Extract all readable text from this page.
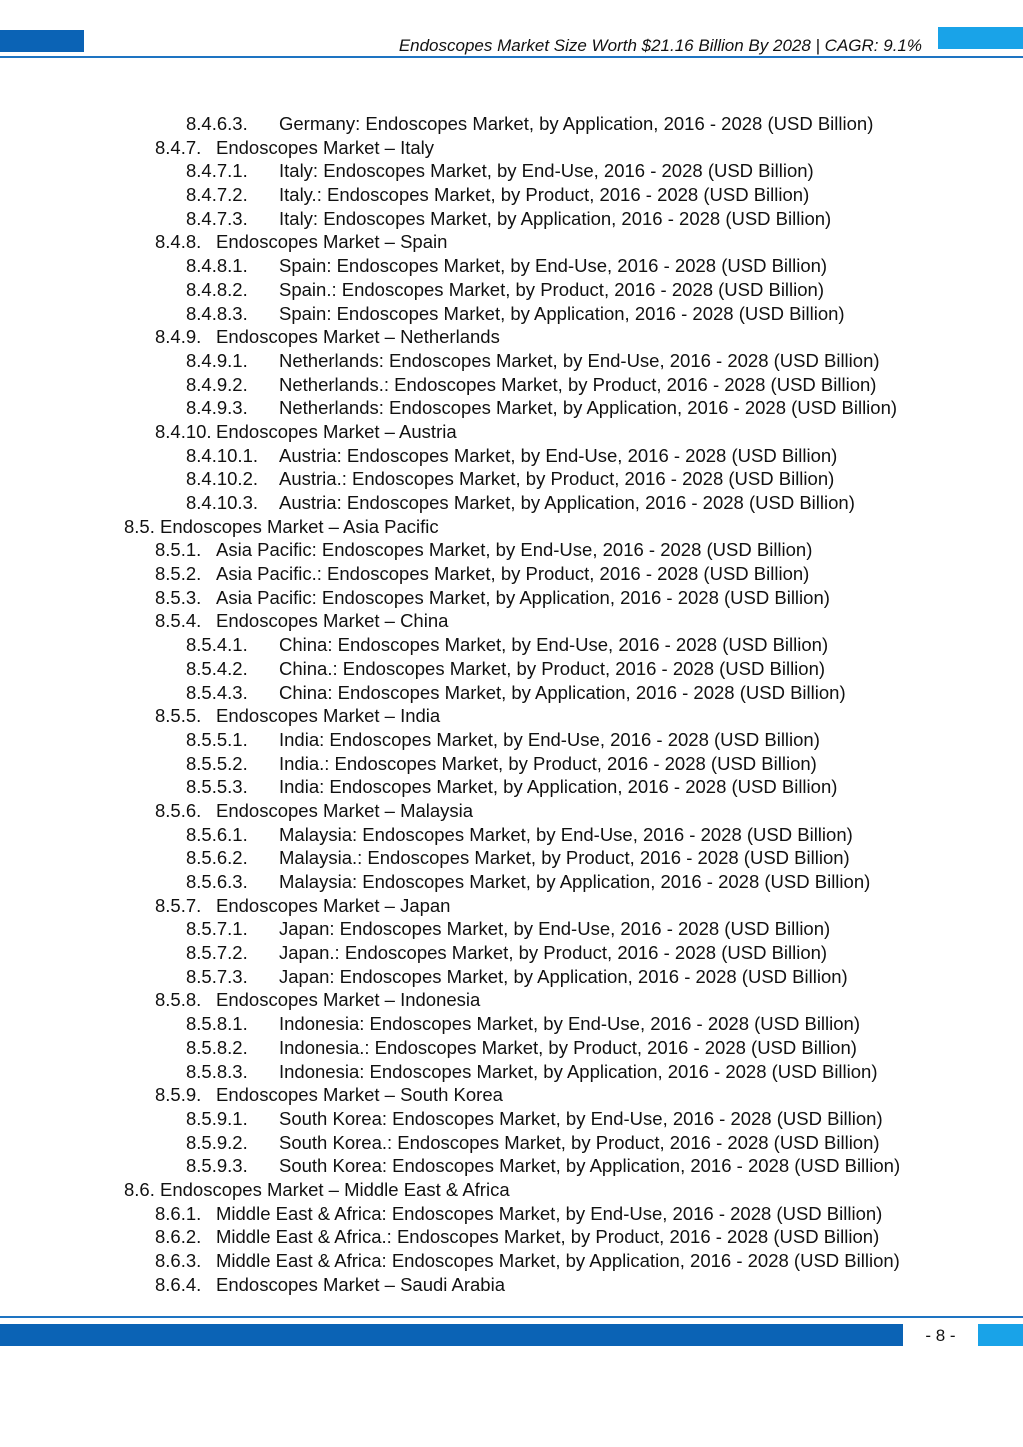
Endoscopes Market Size Worth $21.16 Billion By 2028 | CAGR: 9.1%
8.4.6.3. Germany: Endoscopes Market, by Application, 2016 - 2028 (USD Billion)
8.4.7. Endoscopes Market – Italy
8.4.7.1. Italy: Endoscopes Market, by End-Use, 2016 - 2028 (USD Billion)
8.4.7.2. Italy.: Endoscopes Market, by Product, 2016 - 2028 (USD Billion)
8.4.7.3. Italy: Endoscopes Market, by Application, 2016 - 2028 (USD Billion)
8.4.8. Endoscopes Market – Spain
8.4.8.1. Spain: Endoscopes Market, by End-Use, 2016 - 2028 (USD Billion)
8.4.8.2. Spain.: Endoscopes Market, by Product, 2016 - 2028 (USD Billion)
8.4.8.3. Spain: Endoscopes Market, by Application, 2016 - 2028 (USD Billion)
8.4.9. Endoscopes Market – Netherlands
8.4.9.1. Netherlands: Endoscopes Market, by End-Use, 2016 - 2028 (USD Billion)
8.4.9.2. Netherlands.: Endoscopes Market, by Product, 2016 - 2028 (USD Billion)
8.4.9.3. Netherlands: Endoscopes Market, by Application, 2016 - 2028 (USD Billion)
8.4.10. Endoscopes Market – Austria
8.4.10.1. Austria: Endoscopes Market, by End-Use, 2016 - 2028 (USD Billion)
8.4.10.2. Austria.: Endoscopes Market, by Product, 2016 - 2028 (USD Billion)
8.4.10.3. Austria: Endoscopes Market, by Application, 2016 - 2028 (USD Billion)
8.5. Endoscopes Market – Asia Pacific
8.5.1. Asia Pacific: Endoscopes Market, by End-Use, 2016 - 2028 (USD Billion)
8.5.2. Asia Pacific.: Endoscopes Market, by Product, 2016 - 2028 (USD Billion)
8.5.3. Asia Pacific: Endoscopes Market, by Application, 2016 - 2028 (USD Billion)
8.5.4. Endoscopes Market – China
8.5.4.1. China: Endoscopes Market, by End-Use, 2016 - 2028 (USD Billion)
8.5.4.2. China.: Endoscopes Market, by Product, 2016 - 2028 (USD Billion)
8.5.4.3. China: Endoscopes Market, by Application, 2016 - 2028 (USD Billion)
8.5.5. Endoscopes Market – India
8.5.5.1. India: Endoscopes Market, by End-Use, 2016 - 2028 (USD Billion)
8.5.5.2. India.: Endoscopes Market, by Product, 2016 - 2028 (USD Billion)
8.5.5.3. India: Endoscopes Market, by Application, 2016 - 2028 (USD Billion)
8.5.6. Endoscopes Market – Malaysia
8.5.6.1. Malaysia: Endoscopes Market, by End-Use, 2016 - 2028 (USD Billion)
8.5.6.2. Malaysia.: Endoscopes Market, by Product, 2016 - 2028 (USD Billion)
8.5.6.3. Malaysia: Endoscopes Market, by Application, 2016 - 2028 (USD Billion)
8.5.7. Endoscopes Market – Japan
8.5.7.1. Japan: Endoscopes Market, by End-Use, 2016 - 2028 (USD Billion)
8.5.7.2. Japan.: Endoscopes Market, by Product, 2016 - 2028 (USD Billion)
8.5.7.3. Japan: Endoscopes Market, by Application, 2016 - 2028 (USD Billion)
8.5.8. Endoscopes Market – Indonesia
8.5.8.1. Indonesia: Endoscopes Market, by End-Use, 2016 - 2028 (USD Billion)
8.5.8.2. Indonesia.: Endoscopes Market, by Product, 2016 - 2028 (USD Billion)
8.5.8.3. Indonesia: Endoscopes Market, by Application, 2016 - 2028 (USD Billion)
8.5.9. Endoscopes Market – South Korea
8.5.9.1. South Korea: Endoscopes Market, by End-Use, 2016 - 2028 (USD Billion)
8.5.9.2. South Korea.: Endoscopes Market, by Product, 2016 - 2028 (USD Billion)
8.5.9.3. South Korea: Endoscopes Market, by Application, 2016 - 2028 (USD Billion)
8.6. Endoscopes Market – Middle East & Africa
8.6.1. Middle East & Africa: Endoscopes Market, by End-Use, 2016 - 2028 (USD Billion)
8.6.2. Middle East & Africa.: Endoscopes Market, by Product, 2016 - 2028 (USD Billion)
8.6.3. Middle East & Africa: Endoscopes Market, by Application, 2016 - 2028 (USD Billion)
8.6.4. Endoscopes Market – Saudi Arabia
- 8 -
